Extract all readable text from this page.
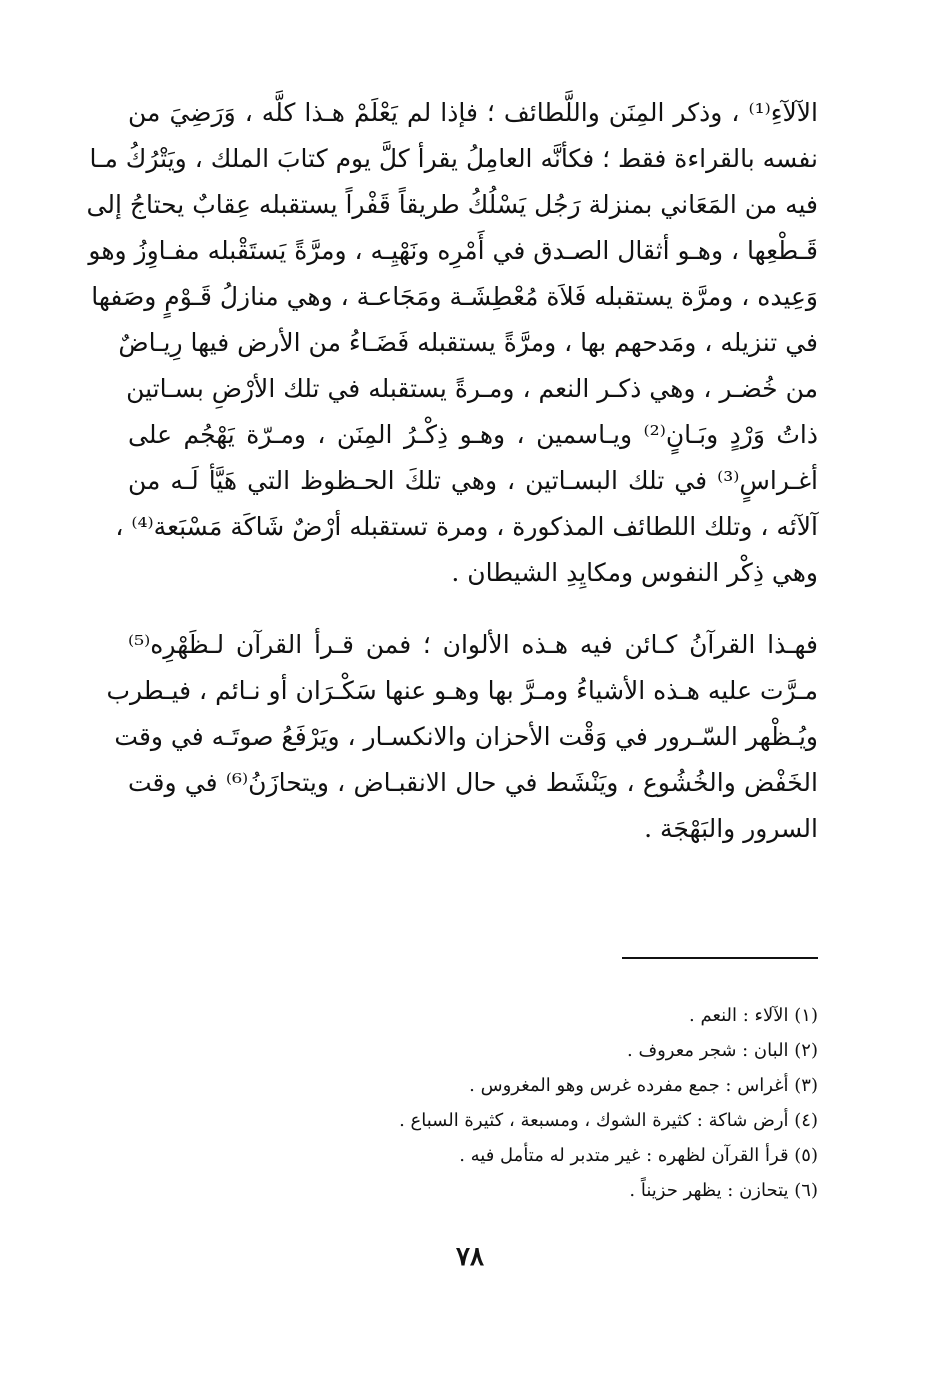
الآلآءِ⁽¹⁾ ، وذكر المِنَن واللَّطائف ؛ فإذا لم يَعْلَمْ هـذا كلَّه ، وَرَضِيَ من
نفسه بالقراءة فقط ؛ فكأنَّه العامِلُ يقرأ كلَّ يوم كتابَ الملك ، ويَتْرُكُ مـا
فيه من المَعَاني بمنزلة رَجُل يَسْلُكُ طريقاً قَفْراً يستقبله عِقابٌ يحتاجُ إلى
قَـطْعِها ، وهـو أثقال الصـدق في أَمْرِه ونَهْيِـه ، ومرَّةً يَستَقْبله مفـاوِزُ وهو
وَعِيده ، ومرَّة يستقبله فَلاَة مُعْطِشَـة ومَجَاعـة ، وهي منازلُ قَـوْمٍ وصَفها
في تنزيله ، ومَدحهم بها ، ومرَّةً يستقبله فَضَـاءُ من الأرض فيها رِيـاضٌ
من خُضـر ، وهي ذكـر النعم ، ومـرةً يستقبله في تلك الأرْضِ بسـاتين
ذاتُ وَرْدٍ وبَـانٍ⁽²⁾ ويـاسمين ، وهـو ذِكْـرُ المِنَن ، ومـرّة يَهْجُم على
أغـراسٍ⁽³⁾ في تلك البسـاتين ، وهي تلكَ الحـظوظ التي هَيَّأ لَـه من
آلآئه ، وتلك اللطائف المذكورة ، ومرة تستقبله أرْضٌ شَاكَة مَسْبَعة⁽⁴⁾ ،
وهي ذِكْر النفوس ومكايِدِ الشيطان .
فهـذا القرآنُ كـائن فيه هـذه الألوان ؛ فمن قـرأ القرآن لـظَهْرِه⁽⁵⁾
مـرَّت عليه هـذه الأشياءُ ومـرَّ بها وهـو عنها سَكْـرَان أو نـائم ، فيـطرب
ويُـظْهر السّـرور في وَقْت الأحزان والانكسـار ، ويَرْفَعُ صوتَـه في وقت
الخَفْض والخُشُوع ، ويَنْشَط في حال الانقبـاض ، ويتحازَنُ⁽⁶⁾ في وقت
السرور والبَهْجَة .
(١) الآلاء : النعم .
(٢) البان : شجر معروف .
(٣) أغراس : جمع مفرده غرس وهو المغروس .
(٤) أرض شاكة : كثيرة الشوك ، ومسبعة ، كثيرة السباع .
(٥) قرأ القرآن لظهره : غير متدبر له متأمل فيه .
(٦) يتحازن : يظهر حزيناً .
٧٨
